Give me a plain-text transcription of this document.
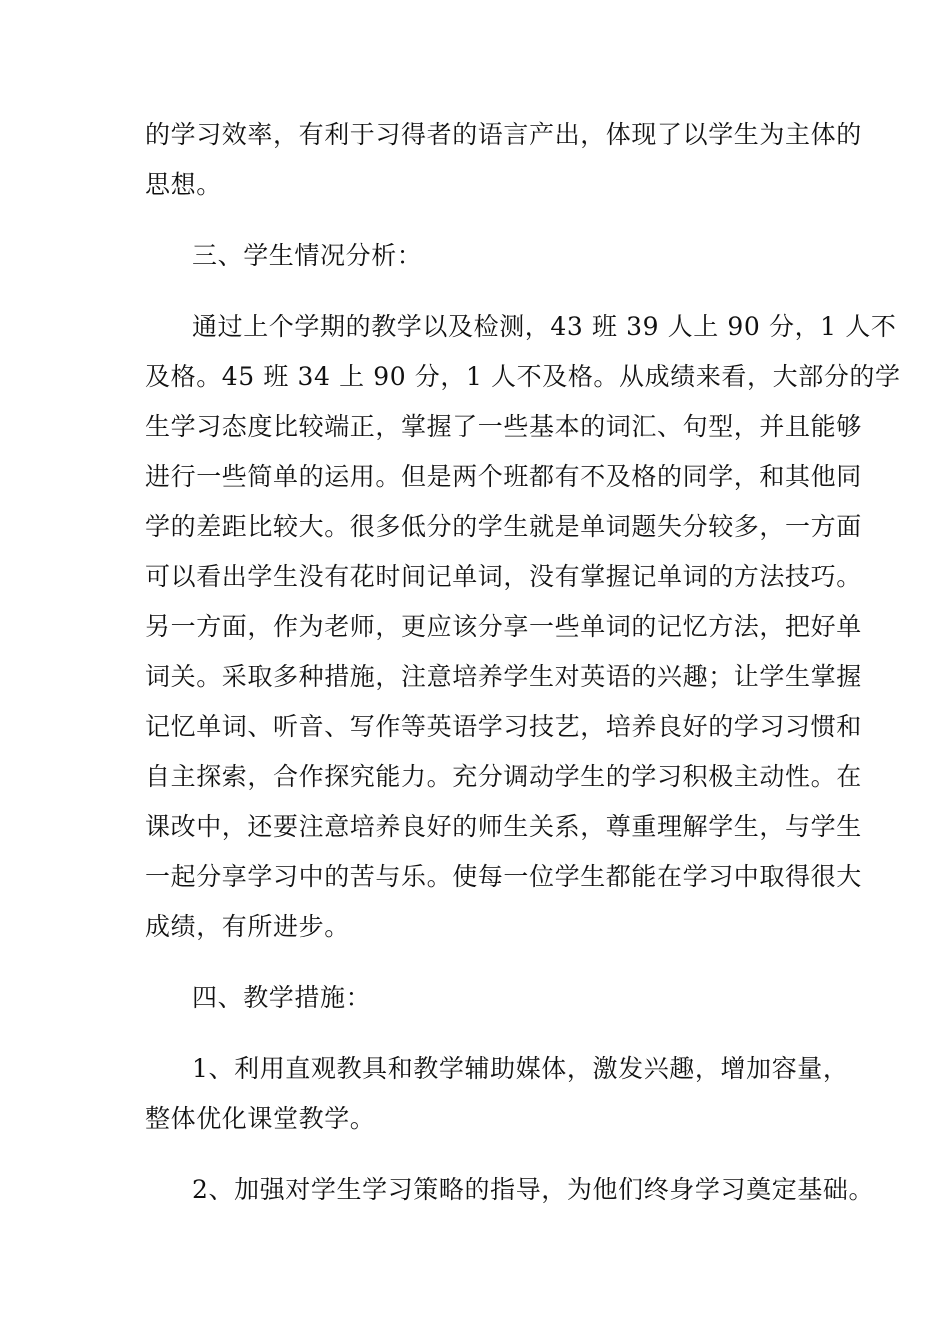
的学习效率，有利于习得者的语言产出，体现了以学生为主体的
思想。
三、学生情况分析：
通过上个学期的教学以及检测，43 班 39 人上 90 分，1 人不
及格。45 班 34 上 90 分，1 人不及格。从成绩来看，大部分的学
生学习态度比较端正，掌握了一些基本的词汇、句型，并且能够
进行一些简单的运用。但是两个班都有不及格的同学，和其他同
学的差距比较大。很多低分的学生就是单词题失分较多，一方面
可以看出学生没有花时间记单词，没有掌握记单词的方法技巧。
另一方面，作为老师，更应该分享一些单词的记忆方法，把好单
词关。采取多种措施，注意培养学生对英语的兴趣；让学生掌握
记忆单词、听音、写作等英语学习技艺，培养良好的学习习惯和
自主探索，合作探究能力。充分调动学生的学习积极主动性。在
课改中，还要注意培养良好的师生关系，尊重理解学生，与学生
一起分享学习中的苦与乐。使每一位学生都能在学习中取得很大
成绩，有所进步。
四、教学措施：
1、利用直观教具和教学辅助媒体，激发兴趣，增加容量，
整体优化课堂教学。
2、加强对学生学习策略的指导，为他们终身学习奠定基础。
